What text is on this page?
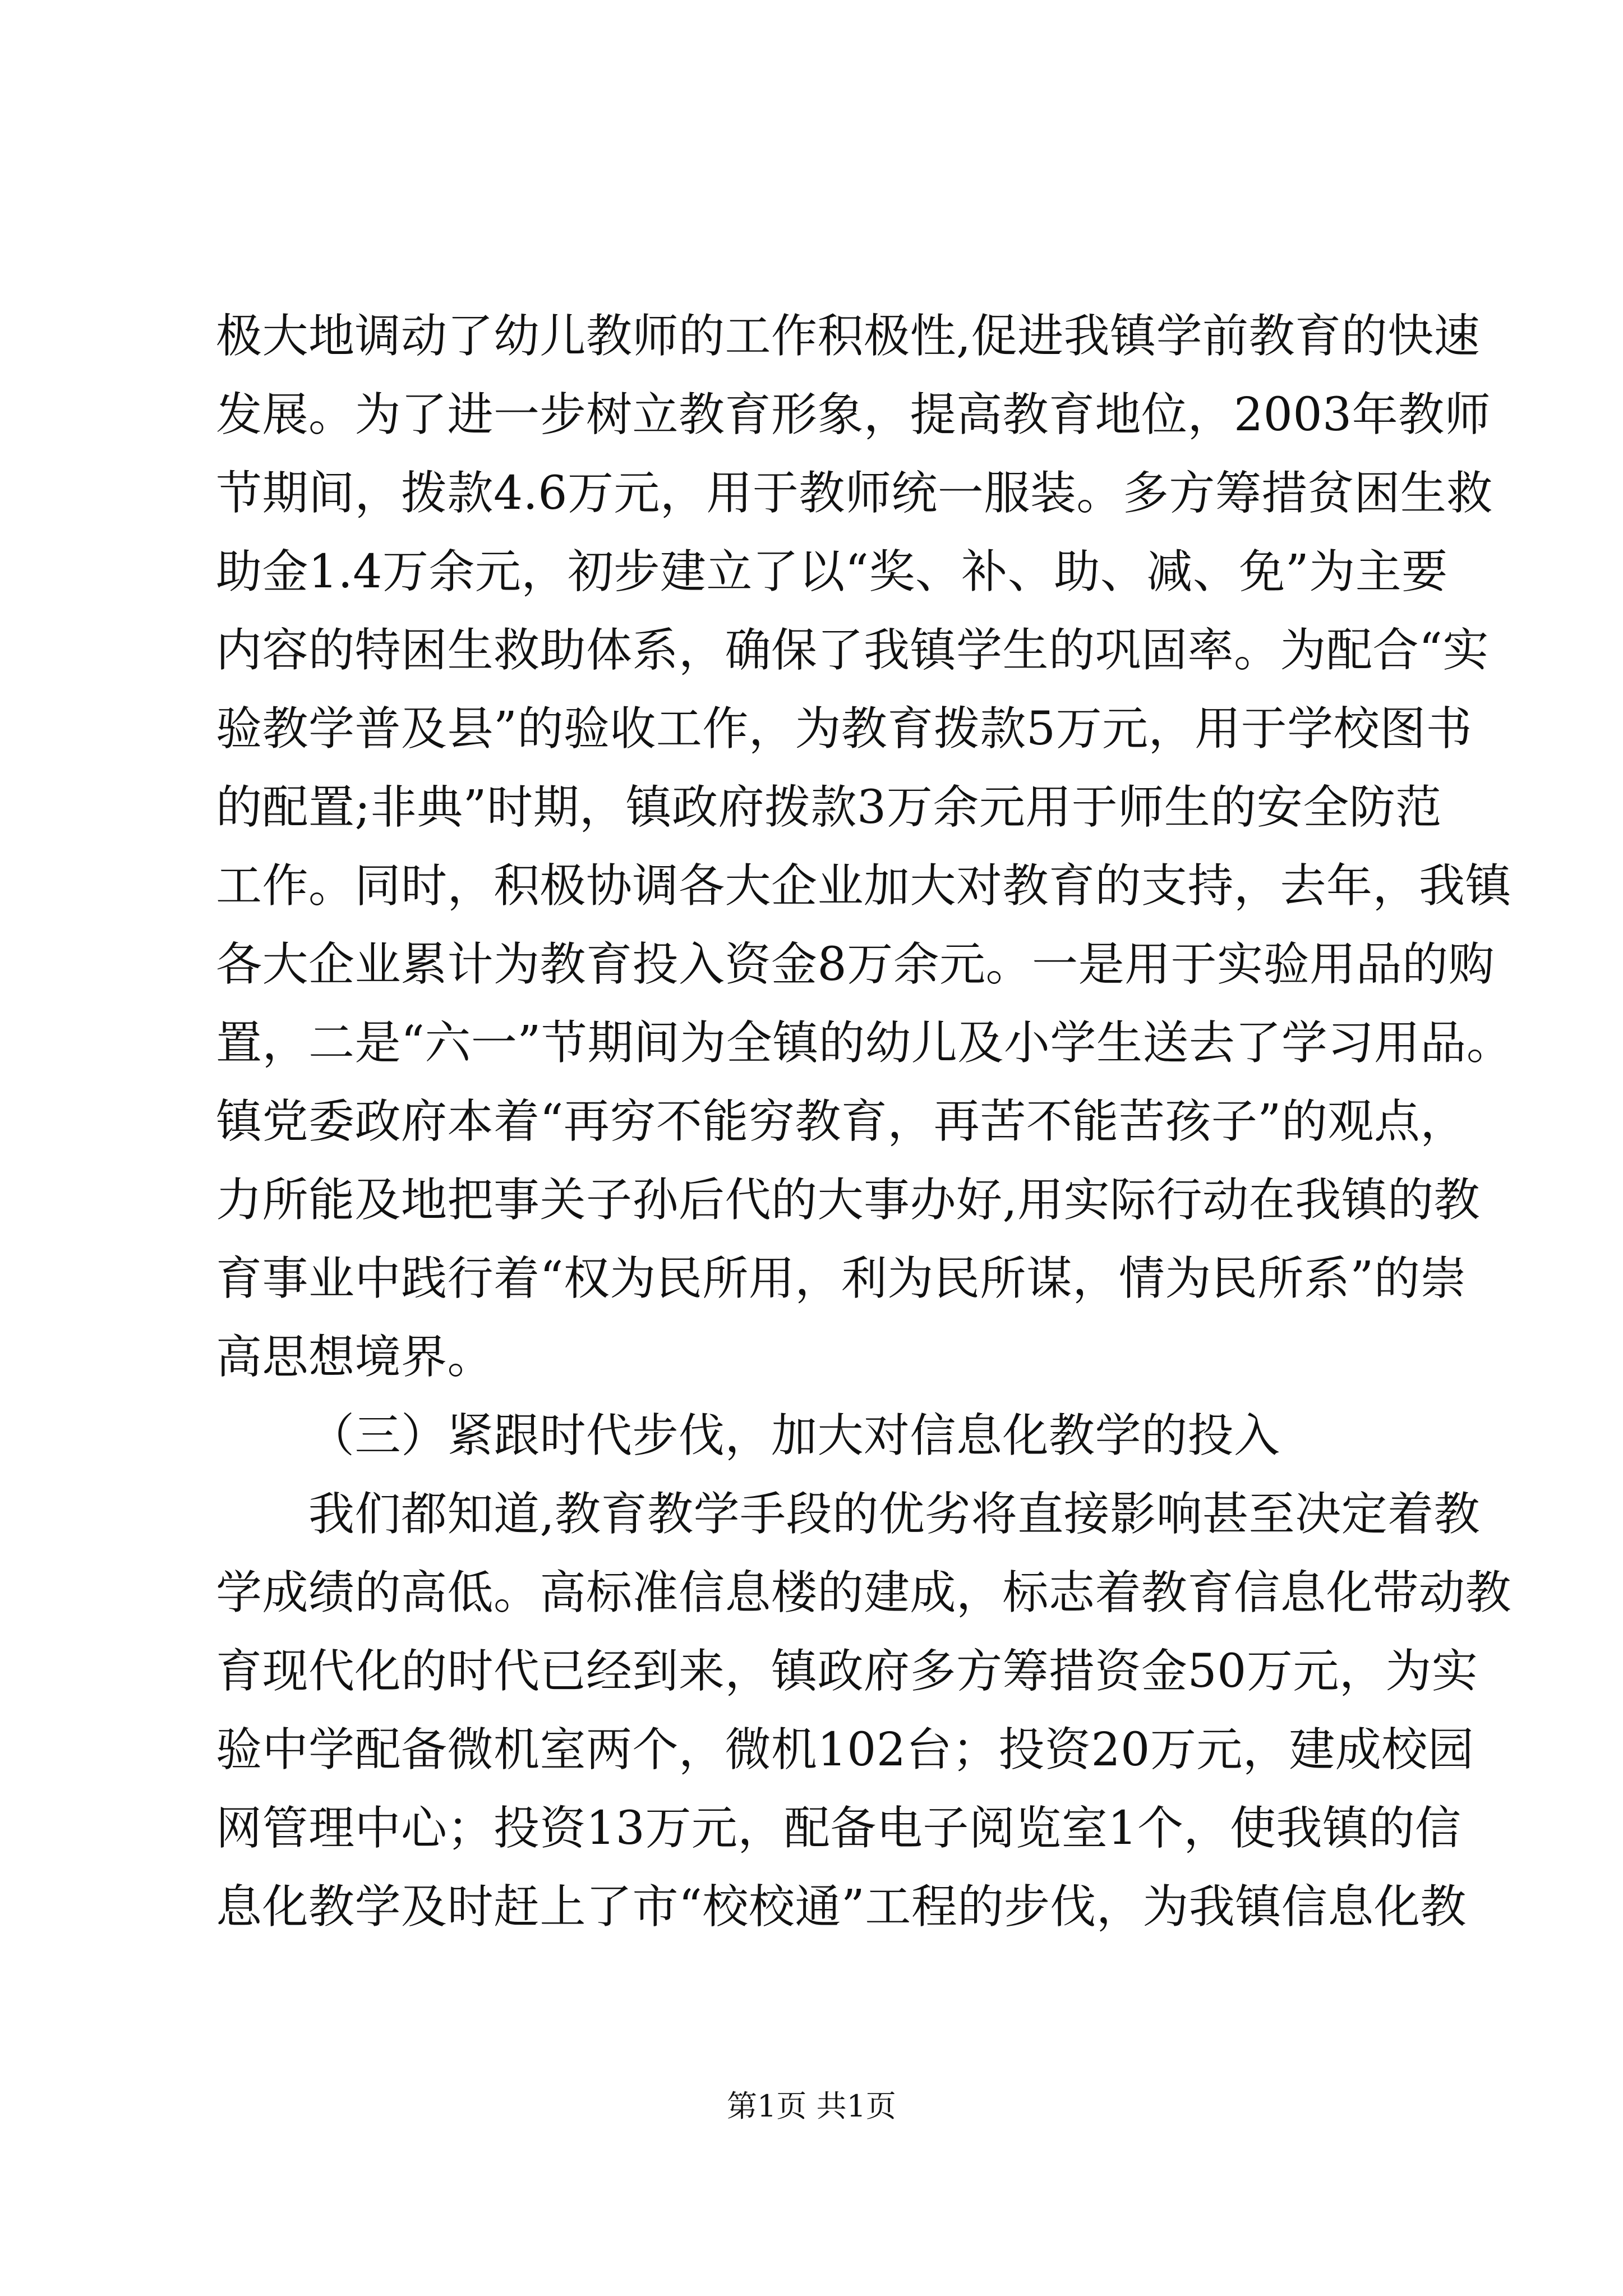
极大地调动了幼儿教师的工作积极性,促进我镇学前教育的快速
发展。为了进一步树立教育形象，提高教育地位，2003年教师
节期间，拨款4.6万元，用于教师统一服装。多方筹措贫困生救
助金1.4万余元，初步建立了以“奖、补、助、减、免”为主要
内容的特困生救助体系，确保了我镇学生的巩固率。为配合“实
验教学普及县”的验收工作，为教育拨款5万元，用于学校图书
的配置;非典”时期，镇政府拨款3万余元用于师生的安全防范
工作。同时，积极协调各大企业加大对教育的支持，去年，我镇
各大企业累计为教育投入资金8万余元。一是用于实验用品的购
置，二是“六一”节期间为全镇的幼儿及小学生送去了学习用品。
镇党委政府本着“再穷不能穷教育，再苦不能苦孩子”的观点，
力所能及地把事关子孙后代的大事办好,用实际行动在我镇的教
育事业中践行着“权为民所用，利为民所谋，情为民所系”的崇
高思想境界。
（三）紧跟时代步伐，加大对信息化教学的投入
我们都知道,教育教学手段的优劣将直接影响甚至决定着教
学成绩的高低。高标准信息楼的建成，标志着教育信息化带动教
育现代化的时代已经到来，镇政府多方筹措资金50万元，为实
验中学配备微机室两个，微机102台；投资20万元，建成校园
网管理中心；投资13万元，配备电子阅览室1个，使我镇的信
息化教学及时赶上了市“校校通”工程的步伐，为我镇信息化教
第1页 共1页
